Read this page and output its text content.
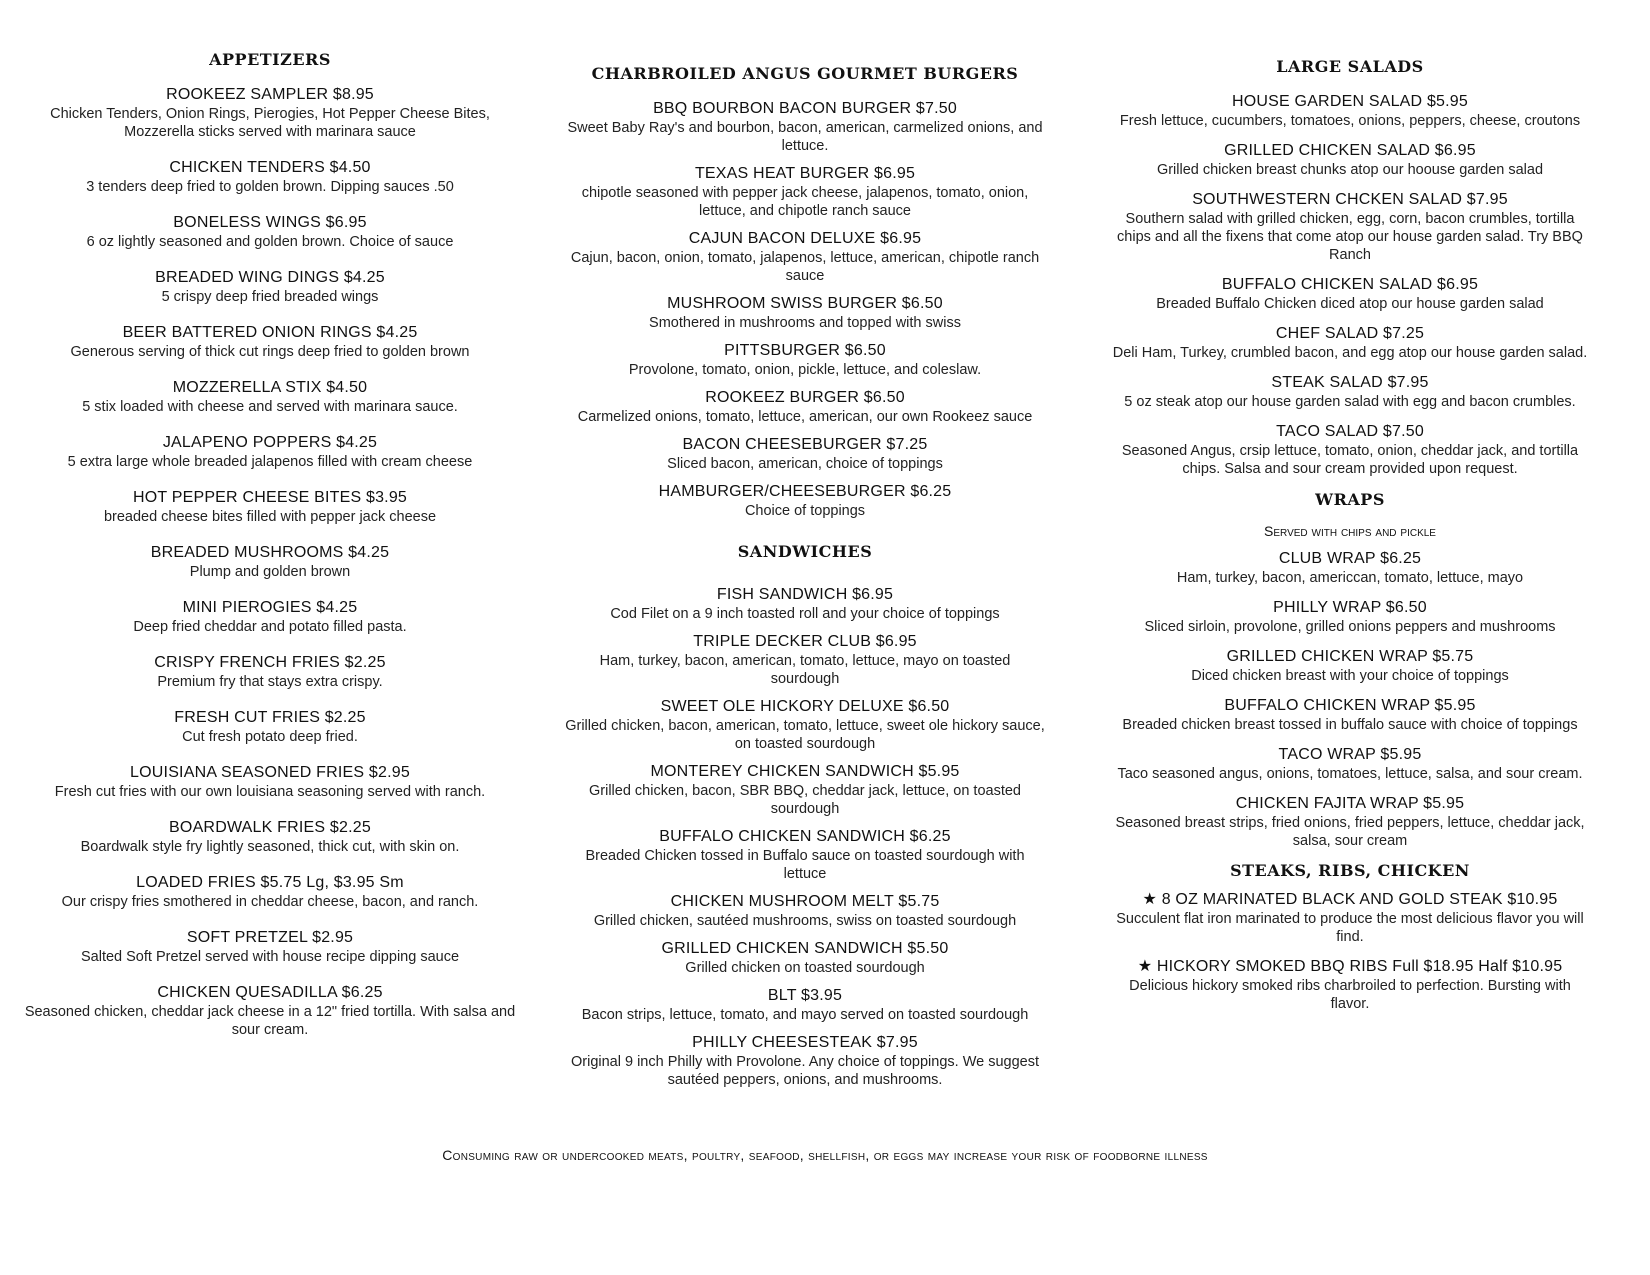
APPETIZERS
ROOKEEZ SAMPLER $8.95
Chicken Tenders, Onion Rings, Pierogies, Hot Pepper Cheese Bites, Mozzerella sticks served with marinara sauce
CHICKEN TENDERS $4.50
3 tenders deep fried to golden brown. Dipping sauces .50
BONELESS WINGS $6.95
6 oz lightly seasoned and golden brown. Choice of sauce
BREADED WING DINGS $4.25
5 crispy deep fried breaded wings
BEER BATTERED ONION RINGS $4.25
Generous serving of thick cut rings deep fried to golden brown
MOZZERELLA STIX $4.50
5 stix loaded with cheese and served with marinara sauce.
JALAPENO POPPERS $4.25
5 extra large whole breaded jalapenos filled with cream cheese
HOT PEPPER CHEESE BITES $3.95
breaded cheese bites filled with pepper jack cheese
BREADED MUSHROOMS $4.25
Plump and golden brown
MINI PIEROGIES $4.25
Deep fried cheddar and potato filled pasta.
CRISPY FRENCH FRIES $2.25
Premium fry that stays extra crispy.
FRESH CUT FRIES $2.25
Cut fresh potato deep fried.
LOUISIANA SEASONED FRIES $2.95
Fresh cut fries with our own louisiana seasoning served with ranch.
BOARDWALK FRIES $2.25
Boardwalk style fry lightly seasoned, thick cut, with skin on.
LOADED FRIES $5.75 Lg, $3.95 Sm
Our crispy fries smothered in cheddar cheese, bacon, and ranch.
SOFT PRETZEL $2.95
Salted Soft Pretzel served with house recipe dipping sauce
CHICKEN QUESADILLA $6.25
Seasoned chicken, cheddar jack cheese in a 12" fried tortilla. With salsa and sour cream.
CHARBROILED ANGUS GOURMET BURGERS
BBQ BOURBON BACON BURGER $7.50
Sweet Baby Ray's and bourbon, bacon, american, carmelized onions, and lettuce.
TEXAS HEAT BURGER $6.95
chipotle seasoned with pepper jack cheese, jalapenos, tomato, onion, lettuce, and chipotle ranch sauce
CAJUN BACON DELUXE $6.95
Cajun, bacon, onion, tomato, jalapenos, lettuce, american, chipotle ranch sauce
MUSHROOM SWISS BURGER $6.50
Smothered in mushrooms and topped with swiss
PITTSBURGER $6.50
Provolone, tomato, onion, pickle, lettuce, and coleslaw.
ROOKEEZ BURGER $6.50
Carmelized onions, tomato, lettuce, american, our own Rookeez sauce
BACON CHEESEBURGER $7.25
Sliced bacon, american, choice of toppings
HAMBURGER/CHEESEBURGER $6.25
Choice of toppings
SANDWICHES
FISH SANDWICH $6.95
Cod Filet on a 9 inch toasted roll and your choice of toppings
TRIPLE DECKER CLUB $6.95
Ham, turkey, bacon, american, tomato, lettuce, mayo on toasted sourdough
SWEET OLE HICKORY DELUXE $6.50
Grilled chicken, bacon, american, tomato, lettuce, sweet ole hickory sauce, on toasted sourdough
MONTEREY CHICKEN SANDWICH $5.95
Grilled chicken, bacon, SBR BBQ, cheddar jack, lettuce, on toasted sourdough
BUFFALO CHICKEN SANDWICH $6.25
Breaded Chicken tossed in Buffalo sauce on toasted sourdough with lettuce
CHICKEN MUSHROOM MELT $5.75
Grilled chicken, sautéed mushrooms, swiss on toasted sourdough
GRILLED CHICKEN SANDWICH $5.50
Grilled chicken on toasted sourdough
BLT $3.95
Bacon strips, lettuce, tomato, and mayo served on toasted sourdough
PHILLY CHEESESTEAK $7.95
Original 9 inch Philly with Provolone. Any choice of toppings. We suggest sautéed peppers, onions, and mushrooms.
LARGE SALADS
HOUSE GARDEN SALAD $5.95
Fresh lettuce, cucumbers, tomatoes, onions, peppers, cheese, croutons
GRILLED CHICKEN SALAD $6.95
Grilled chicken breast chunks atop our hoouse garden salad
SOUTHWESTERN CHCKEN SALAD $7.95
Southern salad with grilled chicken, egg, corn, bacon crumbles, tortilla chips and all the fixens that come atop our house garden salad. Try BBQ Ranch
BUFFALO CHICKEN SALAD $6.95
Breaded Buffalo Chicken diced atop our house garden salad
CHEF SALAD $7.25
Deli Ham, Turkey, crumbled bacon, and egg atop our house garden salad.
STEAK SALAD $7.95
5 oz steak atop our house garden salad with egg and bacon crumbles.
TACO SALAD $7.50
Seasoned Angus, crsip lettuce, tomato, onion, cheddar jack, and tortilla chips. Salsa and sour cream provided upon request.
WRAPS
Served with chips and pickle
CLUB WRAP $6.25
Ham, turkey, bacon, americcan, tomato, lettuce, mayo
PHILLY WRAP $6.50
Sliced sirloin, provolone, grilled onions peppers and mushrooms
GRILLED CHICKEN WRAP $5.75
Diced chicken breast with your choice of toppings
BUFFALO CHICKEN WRAP $5.95
Breaded chicken breast tossed in buffalo sauce with choice of toppings
TACO WRAP $5.95
Taco seasoned angus, onions, tomatoes, lettuce, salsa, and sour cream.
CHICKEN FAJITA WRAP $5.95
Seasoned breast strips, fried onions, fried peppers, lettuce, cheddar jack, salsa, sour cream
STEAKS, RIBS, CHICKEN
★ 8 OZ MARINATED BLACK AND GOLD STEAK $10.95
Succulent flat iron marinated to produce the most delicious flavor you will find.
★ HICKORY SMOKED BBQ RIBS Full $18.95 Half $10.95
Delicious hickory smoked ribs charbroiled to perfection. Bursting with flavor.
Consuming raw or undercooked meats, poultry, seafood, shellfish, or eggs may increase your risk of foodborne illness
